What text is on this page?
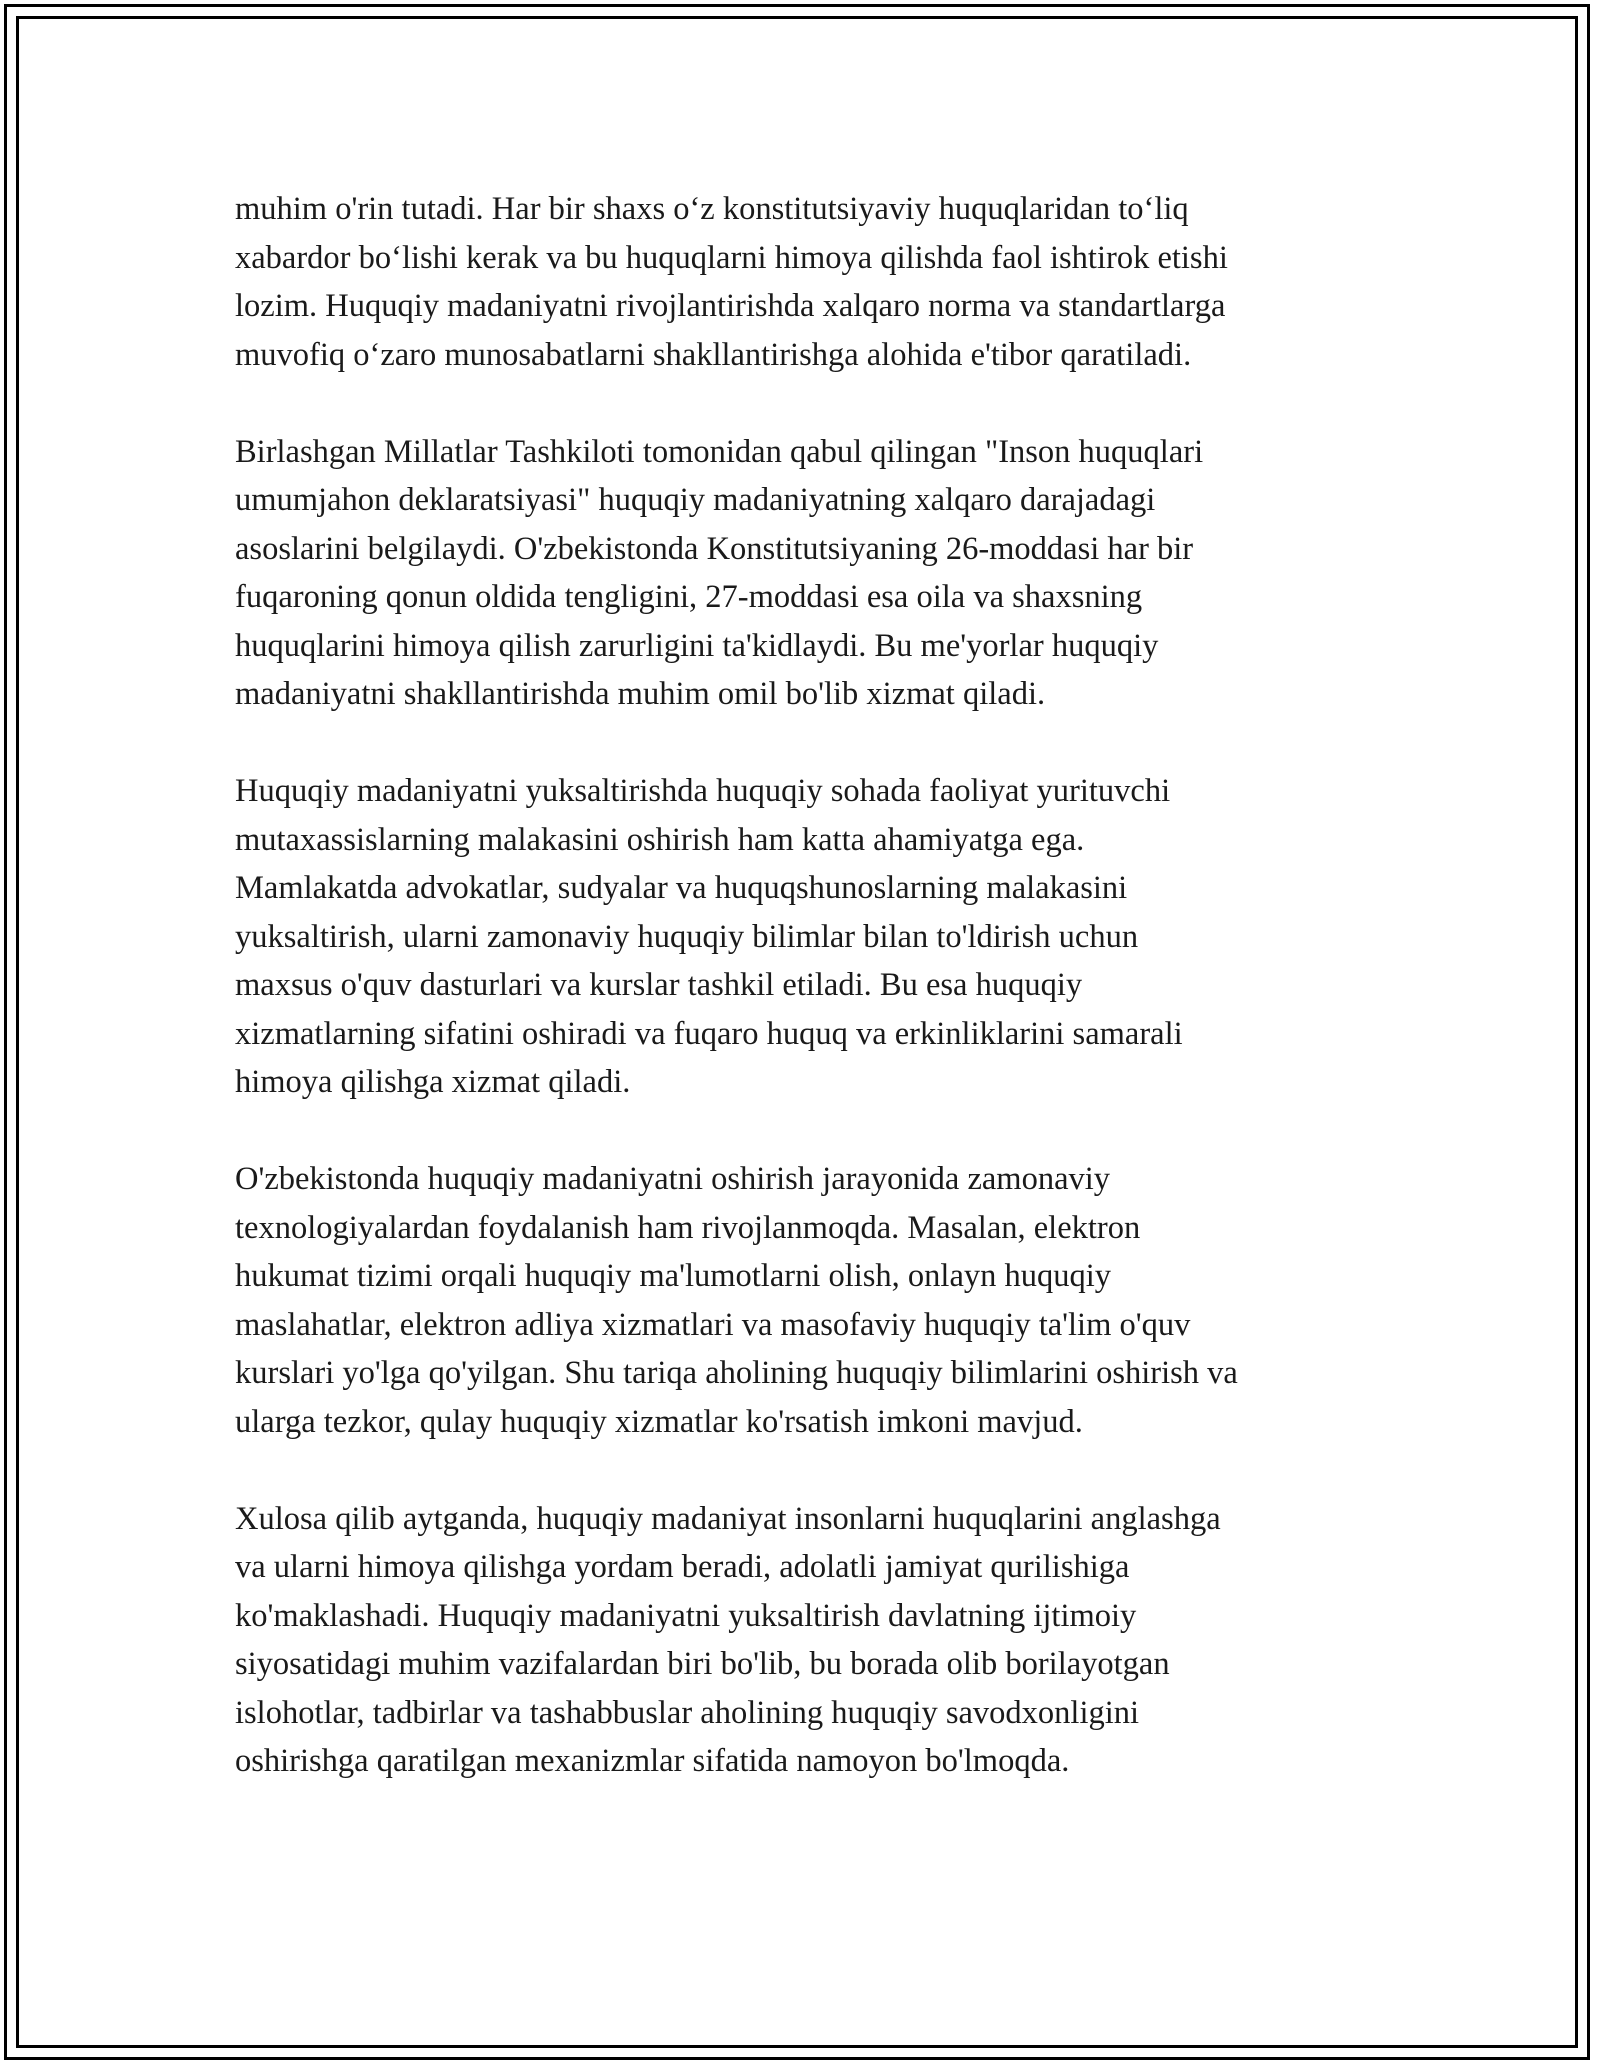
muhim o'rin tutadi. Har bir shaxs o‘z konstitutsiyaviy huquqlaridan to‘liq
xabardor bo‘lishi kerak va bu huquqlarni himoya qilishda faol ishtirok etishi
lozim. Huquqiy madaniyatni rivojlantirishda xalqaro norma va standartlarga
muvofiq o‘zaro munosabatlarni shakllantirishga alohida e'tibor qaratiladi.

Birlashgan Millatlar Tashkiloti tomonidan qabul qilingan "Inson huquqlari
umumjahon deklaratsiyasi" huquqiy madaniyatning xalqaro darajadagi
asoslarini belgilaydi. O'zbekistonda Konstitutsiyaning 26-moddasi har bir
fuqaroning qonun oldida tengligini, 27-moddasi esa oila va shaxsning
huquqlarini himoya qilish zarurligini ta'kidlaydi. Bu me'yorlar huquqiy
madaniyatni shakllantirishda muhim omil bo'lib xizmat qiladi.

Huquqiy madaniyatni yuksaltirishda huquqiy sohada faoliyat yurituvchi
mutaxassislarning malakasini oshirish ham katta ahamiyatga ega.
Mamlakatda advokatlar, sudyalar va huquqshunoslarning malakasini
yuksaltirish, ularni zamonaviy huquqiy bilimlar bilan to'ldirish uchun
maxsus o'quv dasturlari va kurslar tashkil etiladi. Bu esa huquqiy
xizmatlarning sifatini oshiradi va fuqaro huquq va erkinliklarini samarali
himoya qilishga xizmat qiladi.

O'zbekistonda huquqiy madaniyatni oshirish jarayonida zamonaviy
texnologiyalardan foydalanish ham rivojlanmoqda. Masalan, elektron
hukumat tizimi orqali huquqiy ma'lumotlarni olish, onlayn huquqiy
maslahatlar, elektron adliya xizmatlari va masofaviy huquqiy ta'lim o'quv
kurslari yo'lga qo'yilgan. Shu tariqa aholining huquqiy bilimlarini oshirish va
ularga tezkor, qulay huquqiy xizmatlar ko'rsatish imkoni mavjud.

Xulosa qilib aytganda, huquqiy madaniyat insonlarni huquqlarini anglashga
va ularni himoya qilishga yordam beradi, adolatli jamiyat qurilishiga
ko'maklashadi. Huquqiy madaniyatni yuksaltirish davlatning ijtimoiy
siyosatidagi muhim vazifalardan biri bo'lib, bu borada olib borilayotgan
islohotlar, tadbirlar va tashabbuslar aholining huquqiy savodxonligini
oshirishga qaratilgan mexanizmlar sifatida namoyon bo'lmoqda.
